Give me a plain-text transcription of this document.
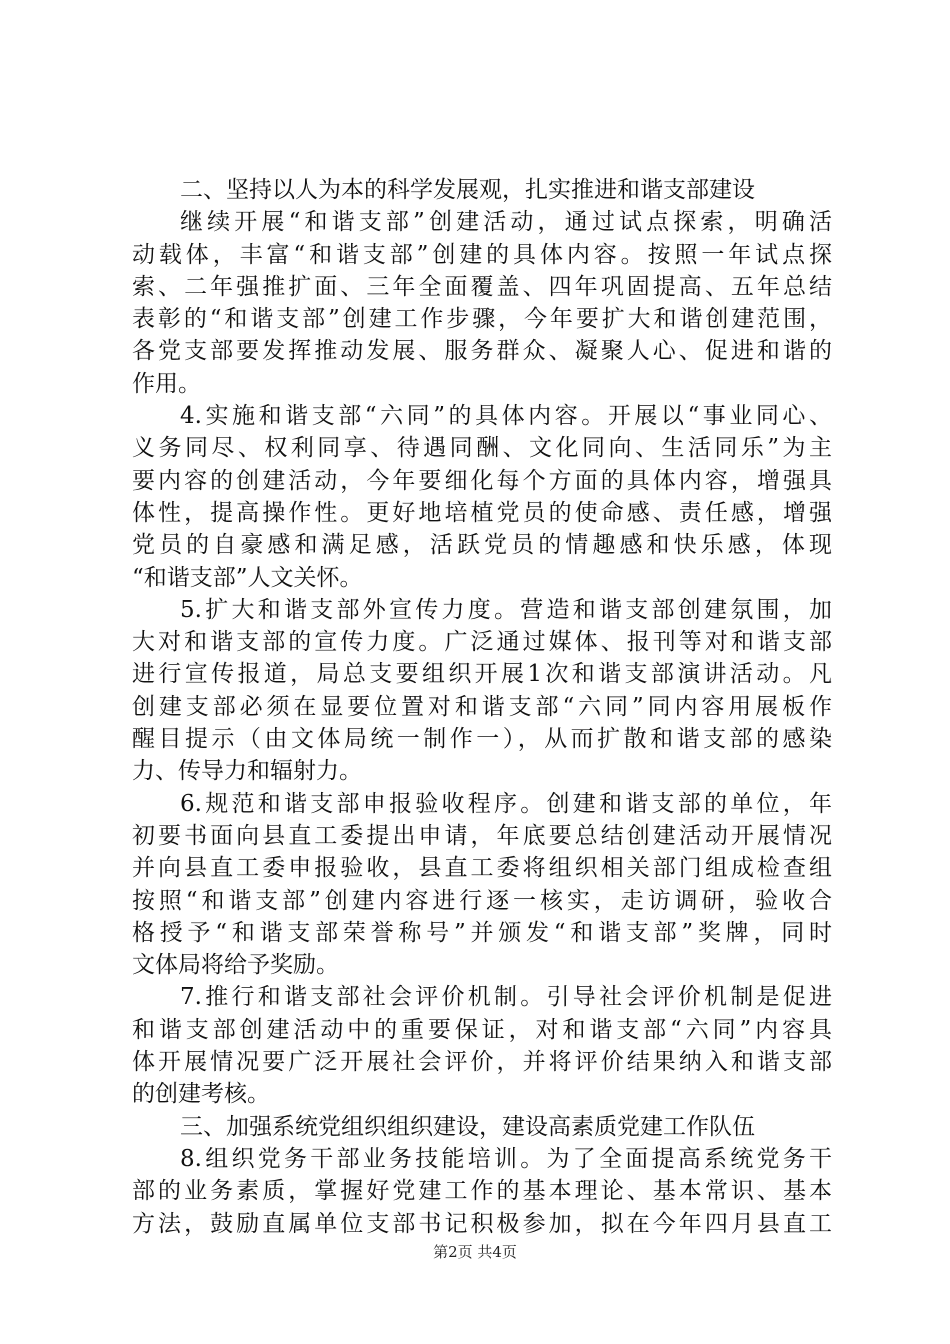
二、坚持以人为本的科学发展观，扎实推进和谐支部建设
继续开展“和谐支部”创建活动，通过试点探索，明确活
动载体，丰富“和谐支部”创建的具体内容。按照一年试点探
索、二年强推扩面、三年全面覆盖、四年巩固提高、五年总结
表彰的“和谐支部”创建工作步骤，今年要扩大和谐创建范围，
各党支部要发挥推动发展、服务群众、凝聚人心、促进和谐的
作用。
4.实施和谐支部“六同”的具体内容。开展以“事业同心、
义务同尽、权利同享、待遇同酬、文化同向、生活同乐”为主
要内容的创建活动，今年要细化每个方面的具体内容，增强具
体性，提高操作性。更好地培植党员的使命感、责任感，增强
党员的自豪感和满足感，活跃党员的情趣感和快乐感，体现
“和谐支部”人文关怀。
5.扩大和谐支部外宣传力度。营造和谐支部创建氛围，加
大对和谐支部的宣传力度。广泛通过媒体、报刊等对和谐支部
进行宣传报道，局总支要组织开展1次和谐支部演讲活动。凡
创建支部必须在显要位置对和谐支部“六同”同内容用展板作
醒目提示（由文体局统一制作一），从而扩散和谐支部的感染
力、传导力和辐射力。
6.规范和谐支部申报验收程序。创建和谐支部的单位，年
初要书面向县直工委提出申请，年底要总结创建活动开展情况
并向县直工委申报验收，县直工委将组织相关部门组成检查组
按照“和谐支部”创建内容进行逐一核实，走访调研，验收合
格授予“和谐支部荣誉称号”并颁发“和谐支部”奖牌，同时
文体局将给予奖励。
7.推行和谐支部社会评价机制。引导社会评价机制是促进
和谐支部创建活动中的重要保证，对和谐支部“六同”内容具
体开展情况要广泛开展社会评价，并将评价结果纳入和谐支部
的创建考核。
三、加强系统党组织组织建设，建设高素质党建工作队伍
8.组织党务干部业务技能培训。为了全面提高系统党务干
部的业务素质，掌握好党建工作的基本理论、基本常识、基本
方法，鼓励直属单位支部书记积极参加，拟在今年四月县直工
第2页 共4页
